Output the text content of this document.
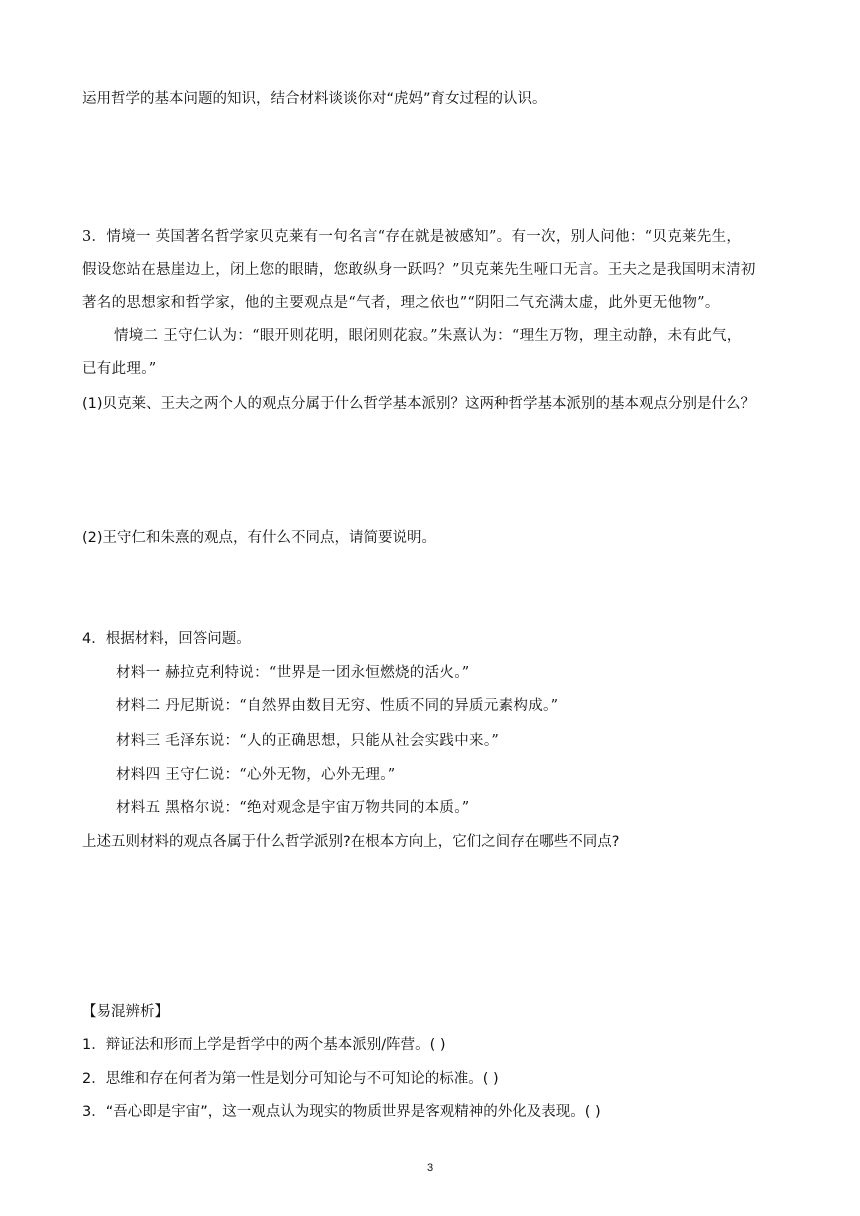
运用哲学的基本问题的知识，结合材料谈谈你对“虎妈”育女过程的认识。
3．情境一 英国著名哲学家贝克莱有一句名言“存在就是被感知”。有一次，别人问他：“贝克莱先生，
假设您站在悬崖边上，闭上您的眼睛，您敢纵身一跃吗？”贝克莱先生哑口无言。王夫之是我国明末清初
著名的思想家和哲学家，他的主要观点是“气者，理之依也”“阴阳二气充满太虚，此外更无他物”。
情境二 王守仁认为：“眼开则花明，眼闭则花寂。”朱熹认为：“理生万物，理主动静，未有此气，
已有此理。”
(1)贝克莱、王夫之两个人的观点分属于什么哲学基本派别？这两种哲学基本派别的基本观点分别是什么？
(2)王守仁和朱熹的观点，有什么不同点，请简要说明。
4．根据材料，回答问题。
材料一 赫拉克利特说：“世界是一团永恒燃烧的活火。”
材料二 丹尼斯说：“自然界由数目无穷、性质不同的异质元素构成。”
材料三 毛泽东说：“人的正确思想，只能从社会实践中来。”
材料四 王守仁说：“心外无物，心外无理。”
材料五 黑格尔说：“绝对观念是宇宙万物共同的本质。”
上述五则材料的观点各属于什么哲学派别?在根本方向上，它们之间存在哪些不同点?
【易混辨析】
1．辩证法和形而上学是哲学中的两个基本派别/阵营。( )
2．思维和存在何者为第一性是划分可知论与不可知论的标准。( )
3．“吾心即是宇宙”，这一观点认为现实的物质世界是客观精神的外化及表现。( )
3
